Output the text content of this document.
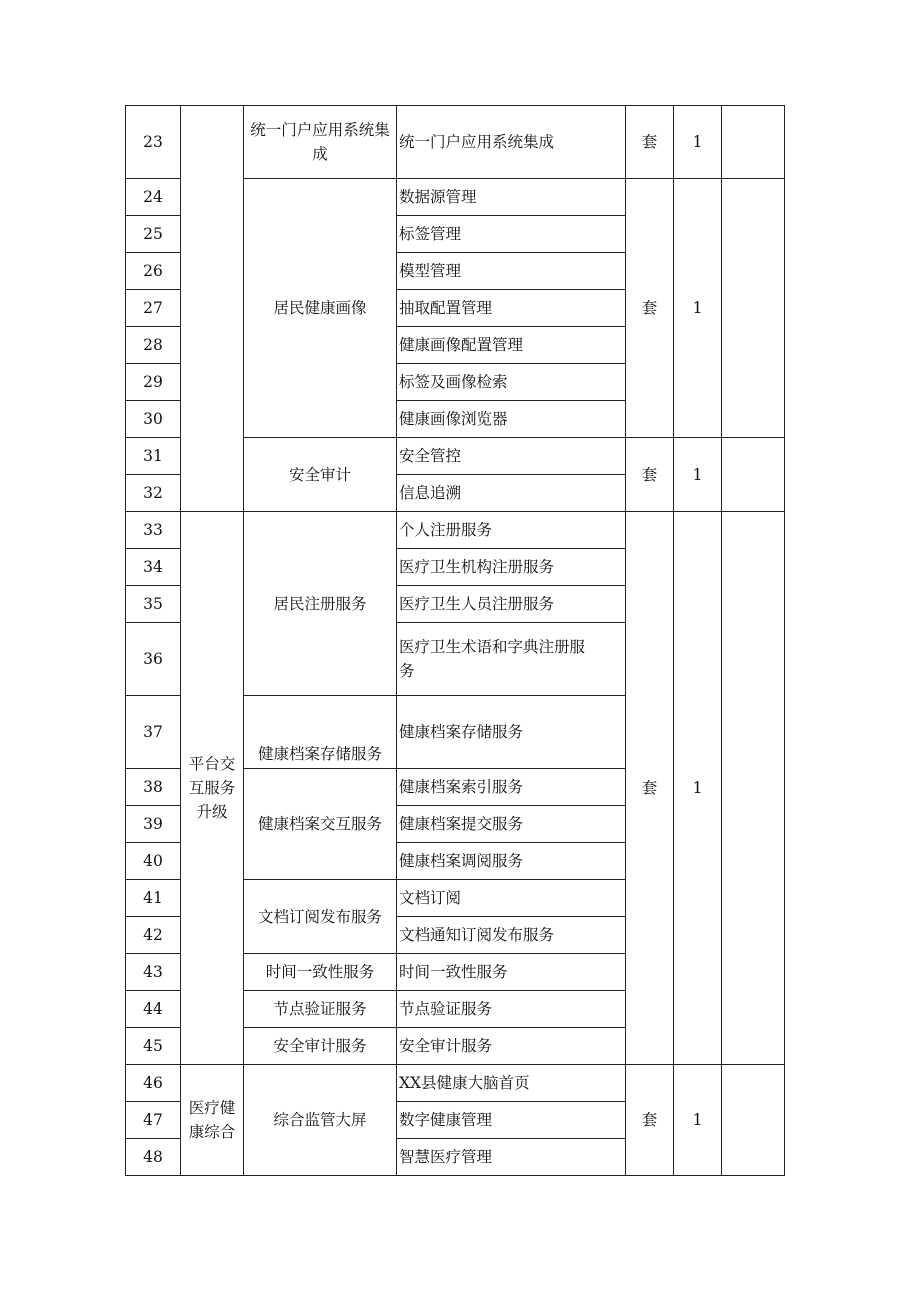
23		统一门户应用系统集成	统一门户应用系统集成	套	1	
24		居民健康画像	数据源管理	套	1	
25			标签管理			
26			模型管理			
27			抽取配置管理			
28			健康画像配置管理			
29			标签及画像检索			
30			健康画像浏览器			
31		安全审计	安全管控	套	1	
32			信息追溯			
33	平台交互服务升级	居民注册服务	个人注册服务	套	1	
34			医疗卫生机构注册服务			
35			医疗卫生人员注册服务			
36			医疗卫生术语和字典注册服务			
37		健康档案存储服务	健康档案存储服务			
38		健康档案交互服务	健康档案索引服务			
39			健康档案提交服务			
40			健康档案调阅服务			
41		文档订阅发布服务	文档订阅			
42			文档通知订阅发布服务			
43		时间一致性服务	时间一致性服务			
44		节点验证服务	节点验证服务			
45		安全审计服务	安全审计服务			
46	医疗健康综合	综合监管大屏	XX县健康大脑首页	套	1	
47			数字健康管理			
48			智慧医疗管理			
